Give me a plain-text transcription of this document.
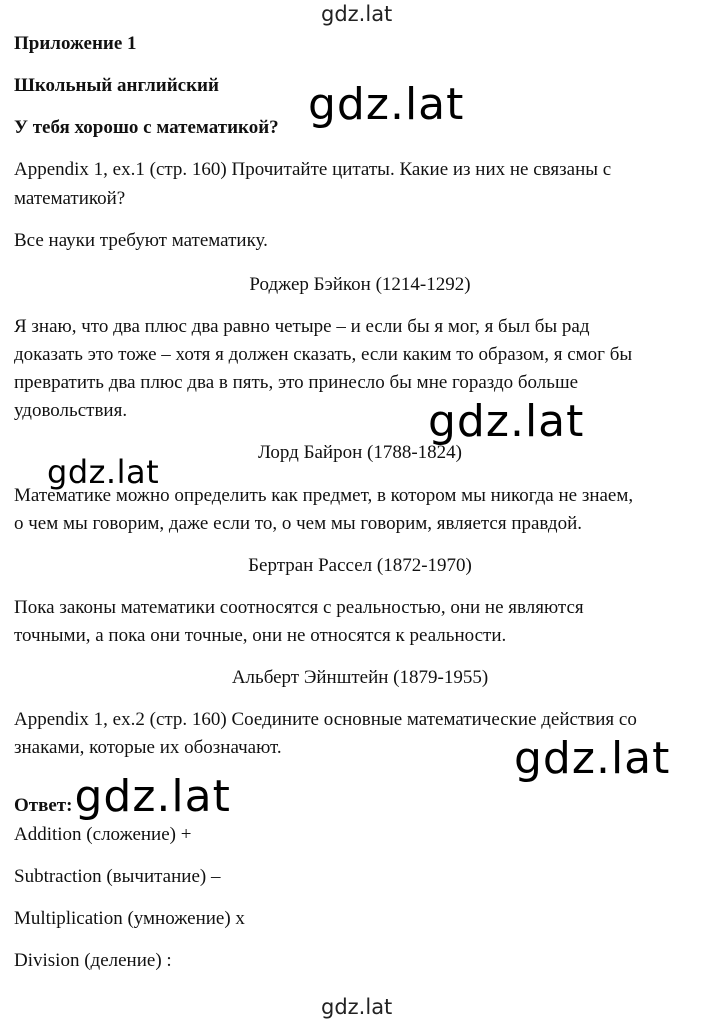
gdz.lat

Приложение 1

Школьный английский gdz.lat

У тебя хорошо с математикой?

Appendix 1, ex.1 (стр. 160) Прочитайте цитаты. Какие из них не связаны с

математикой?

Все науки требуют математику.

Роджер Бэйкон (1214-1292)

Я знаю, что два плюс два равно четыре – и если бы я мог, я был бы рад

доказать это тоже – хотя я должен сказать, если каким то образом, я смог бы

превратить два плюс два в пять, это принесло бы мне гораздо больше

удовольствия.	gdz.lat

Лорд Байрон (1788-1824)

gdz.lat

Математике можно определить как предмет, в котором мы никогда не знаем,

о чем мы говорим, даже если то, о чем мы говорим, является правдой.

Бертран Рассел (1872-1970)

Пока законы математики соотносятся с реальностью, они не являются

точными, а пока они точные, они не относятся к реальности.

Альберт Эйнштейн (1879-1955)

Appendix 1, ex.2 (стр. 160) Соедините основные математические действия со

знаками, которые их обозначают.	gdz.lat
Ответ: gdz.lat

Addition (сложение) +

Subtraction (вычитание) –

Multiplication (умножение) x

Division (деление) :

gdz.lat
